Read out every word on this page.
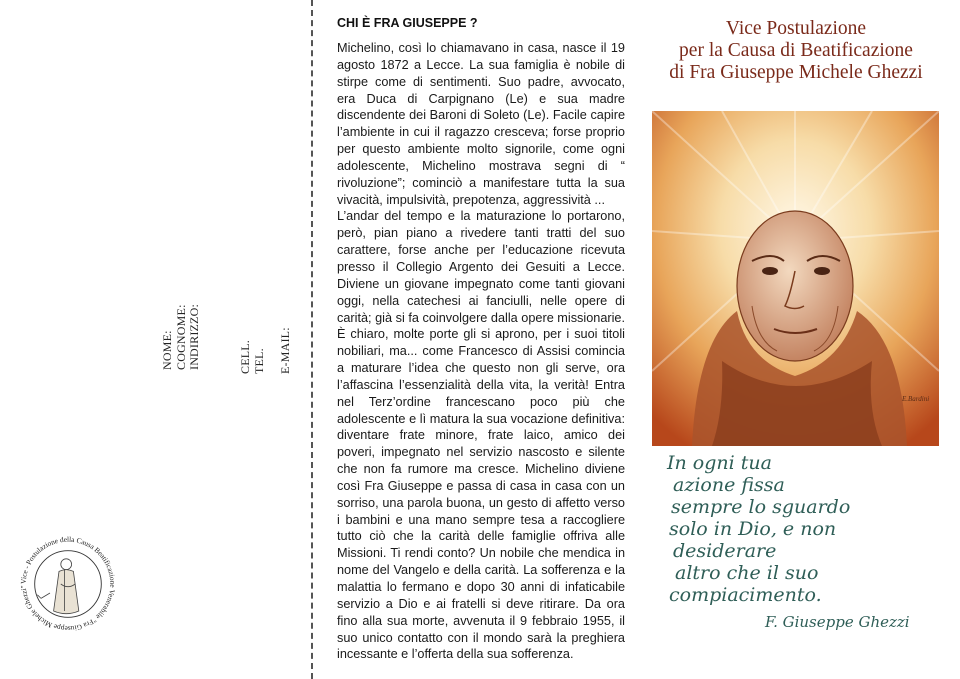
NOME: COGNOME: INDIRIZZO:	CELL. TEL. E-MAIL:
Vice - Postulazione della Causa Beatificazione Venerabile "Fra Giuseppe Michele Ghezzi"
CHI È FRA GIUSEPPE ?

Michelino, così lo chiamavano in casa, nasce il 19 agosto 1872 a Lecce. La sua famiglia è nobile di stirpe come di sentimenti. Suo padre, avvocato, era Duca di Carpignano (Le) e sua madre discendente dei Baroni di Soleto (Le). Facile capire l’ambiente in cui il ragazzo cresceva; forse proprio per questo ambiente molto signorile, come ogni adolescente, Michelino mostrava segni di “ rivoluzione”; cominciò a manifestare tutta la sua vivacità, impulsività, prepotenza, aggressività ...

L’andar del tempo e la maturazione lo portarono, però, pian piano a rivedere tanti tratti del suo carattere, forse anche per l’educazione ricevuta presso il Collegio Argento dei Gesuiti a Lecce. Diviene un giovane impegnato come tanti giovani oggi, nella catechesi ai fanciulli, nelle opere di carità; già si fa coinvolgere dalla opere missionarie. È chiaro, molte porte gli si aprono, per i suoi titoli nobiliari, ma... come Francesco di Assisi comincia a maturare l’idea che questo non gli serve, ora l’affascina l’essenzialità della vita, la verità! Entra nel Terz’ordine francescano poco più che adolescente e lì matura la sua vocazione definitiva: diventare frate minore, frate laico, amico dei poveri, impegnato nel servizio nascosto e silente che non fa rumore ma cresce. Michelino diviene così Fra Giuseppe e passa di casa in casa con un sorriso, una parola buona, un gesto di affetto verso i bambini e una mano sempre tesa a raccogliere tutto ciò che la carità delle famiglie offriva alle Missioni. Ti rendi conto? Un nobile che mendica in nome del Vangelo e della carità. La sofferenza e la malattia lo fermano e dopo 30 anni di infaticabile servizio a Dio e ai fratelli si deve ritirare. Da ora fino alla sua morte, avvenuta il 9 febbraio 1955, il suo unico contatto con il mondo sarà la preghiera incessante e l’offerta della sua sofferenza.

Vice Postulazione
per la Causa di Beatificazione
di Fra Giuseppe Michele Ghezzi
E.Bardini
In ogni tua
azione fissa
sempre lo sguardo
solo in Dio, e non
desiderare
altro che il suo
compiacimento.
F. Giuseppe Ghezzi
